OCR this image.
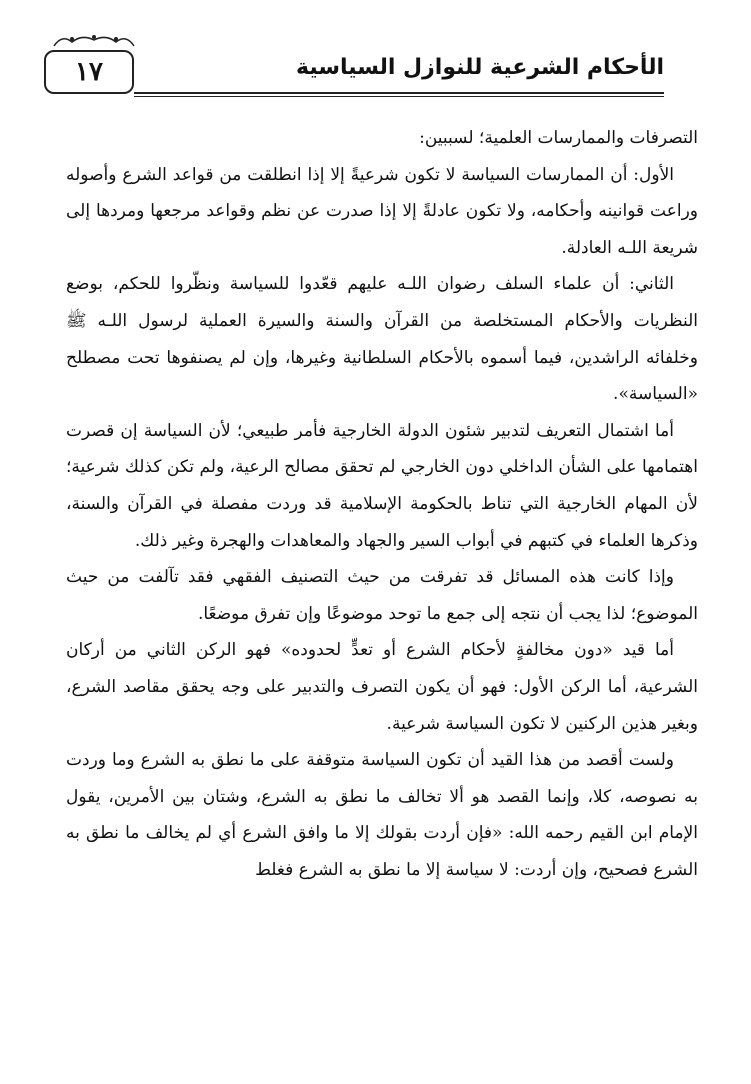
١٧	الأحكام الشرعية للنوازل السياسية

التصرفات والممارسات العلمية؛ لسببين:

الأول: أن الممارسات السياسة لا تكون شرعيةً إلا إذا انطلقت من قواعد الشرع وأصوله وراعت قوانينه وأحكامه، ولا تكون عادلةً إلا إذا صدرت عن نظم وقواعد مرجعها ومردها إلى شريعة اللـه العادلة.

الثاني: أن علماء السلف رضوان اللـه عليهم قعّدوا للسياسة ونظّروا للحكم، بوضع النظريات والأحكام المستخلصة من القرآن والسنة والسيرة العملية لرسول اللـه ﷺ وخلفائه الراشدين، فيما أسموه بالأحكام السلطانية وغيرها، وإن لم يصنفوها تحت مصطلح «السياسة».

أما اشتمال التعريف لتدبير شئون الدولة الخارجية فأمر طبيعي؛ لأن السياسة إن قصرت اهتمامها على الشأن الداخلي دون الخارجي لم تحقق مصالح الرعية، ولم تكن كذلك شرعية؛ لأن المهام الخارجية التي تناط بالحكومة الإسلامية قد وردت مفصلة في القرآن والسنة، وذكرها العلماء في كتبهم في أبواب السير والجهاد والمعاهدات والهجرة وغير ذلك.

وإذا كانت هذه المسائل قد تفرقت من حيث التصنيف الفقهي فقد تآلفت من حيث الموضوع؛ لذا يجب أن نتجه إلى جمع ما توحد موضوعًا وإن تفرق موضعًا.

أما قيد «دون مخالفةٍ لأحكام الشرع أو تعدٍّ لحدوده» فهو الركن الثاني من أركان الشرعية، أما الركن الأول: فهو أن يكون التصرف والتدبير على وجه يحقق مقاصد الشرع، وبغير هذين الركنين لا تكون السياسة شرعية.

ولست أقصد من هذا القيد أن تكون السياسة متوقفة على ما نطق به الشرع وما وردت به نصوصه، كلا، وإنما القصد هو ألا تخالف ما نطق به الشرع، وشتان بين الأمرين، يقول الإمام ابن القيم رحمه الله: «فإن أردت بقولك إلا ما وافق الشرع أي لم يخالف ما نطق به الشرع فصحيح، وإن أردت: لا سياسة إلا ما نطق به الشرع فغلط
